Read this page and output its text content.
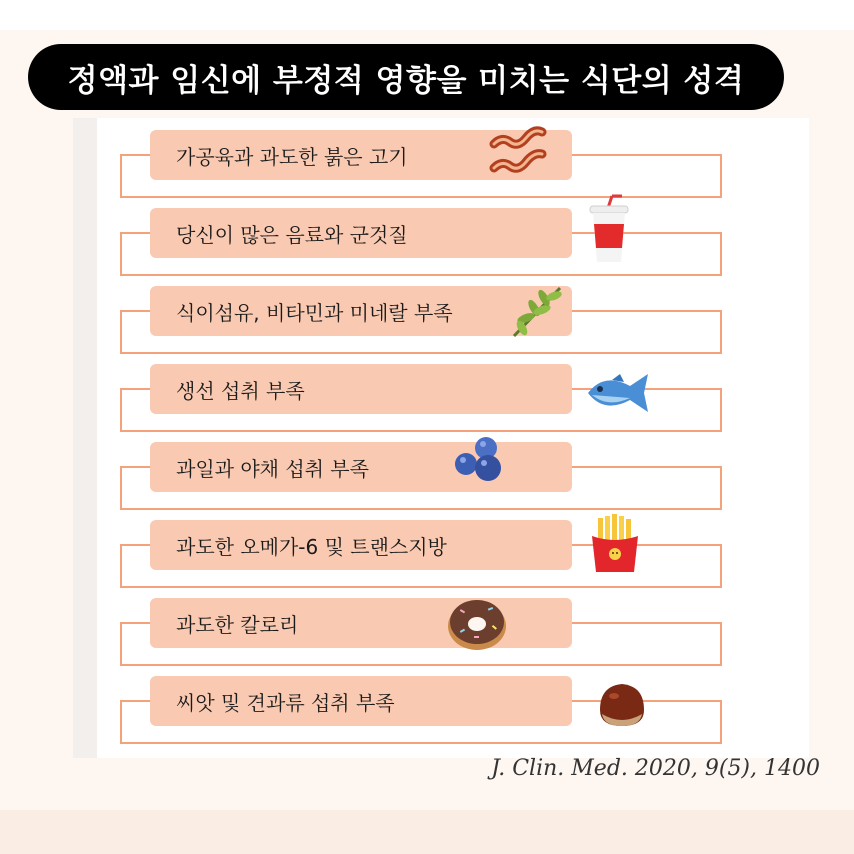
정액과 임신에 부정적 영향을 미치는 식단의 성격
가공육과 과도한 붉은 고기
당신이 많은 음료와 군것질
식이섬유, 비타민과 미네랄 부족
생선 섭취 부족
과일과 야채 섭취 부족
과도한 오메가-6 및 트랜스지방
과도한 칼로리
씨앗 및 견과류 섭취 부족
J. Clin. Med. 2020, 9(5), 1400
